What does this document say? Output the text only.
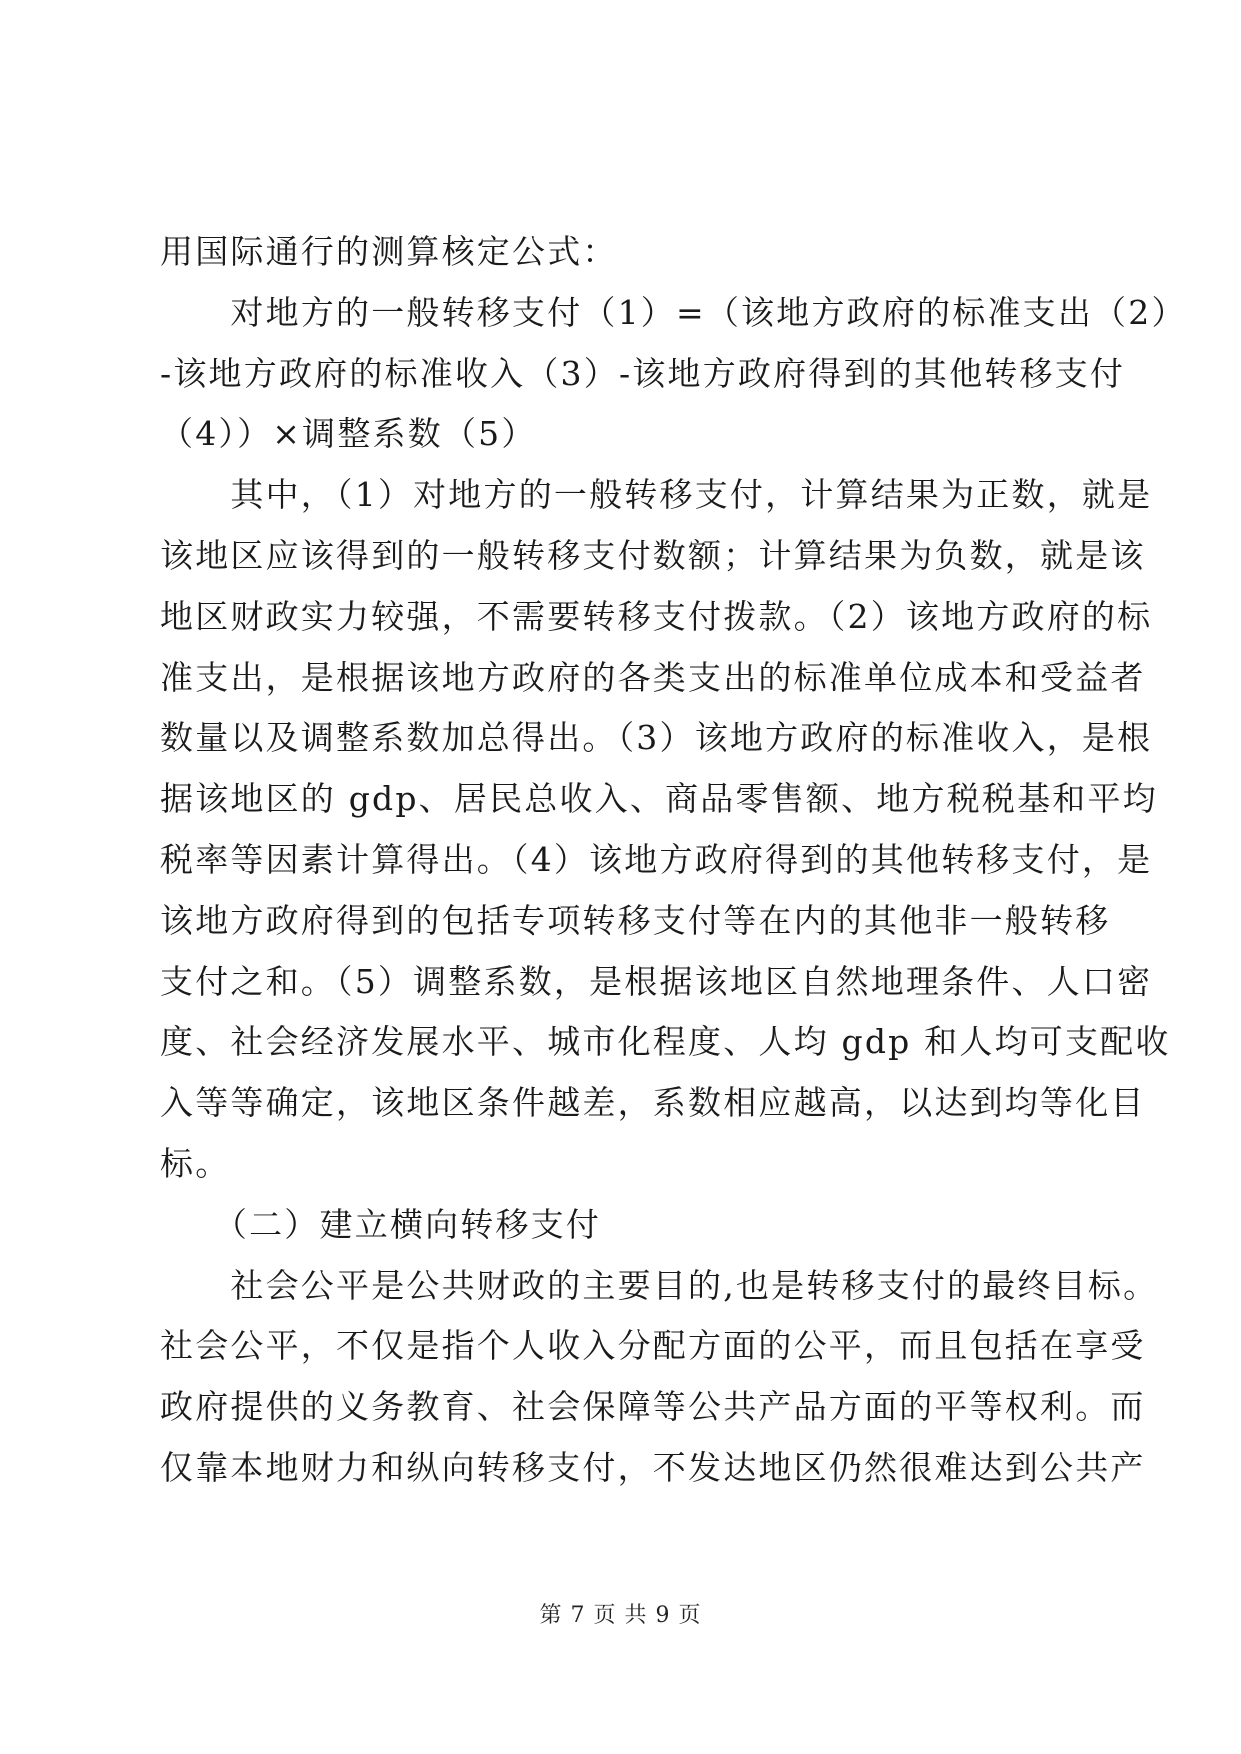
用国际通行的测算核定公式：
　　对地方的一般转移支付（1）=（该地方政府的标准支出（2）
-该地方政府的标准收入（3）-该地方政府得到的其他转移支付
（4））×调整系数（5）
　　其中，（1）对地方的一般转移支付，计算结果为正数，就是
该地区应该得到的一般转移支付数额；计算结果为负数，就是该
地区财政实力较强，不需要转移支付拨款。（2）该地方政府的标
准支出，是根据该地方政府的各类支出的标准单位成本和受益者
数量以及调整系数加总得出。（3）该地方政府的标准收入，是根
据该地区的 gdp、居民总收入、商品零售额、地方税税基和平均
税率等因素计算得出。（4）该地方政府得到的其他转移支付，是
该地方政府得到的包括专项转移支付等在内的其他非一般转移
支付之和。（5）调整系数，是根据该地区自然地理条件、人口密
度、社会经济发展水平、城市化程度、人均 gdp 和人均可支配收
入等等确定，该地区条件越差，系数相应越高，以达到均等化目
标。
　　（二）建立横向转移支付
　　社会公平是公共财政的主要目的,也是转移支付的最终目标。
社会公平，不仅是指个人收入分配方面的公平，而且包括在享受
政府提供的义务教育、社会保障等公共产品方面的平等权利。而
仅靠本地财力和纵向转移支付，不发达地区仍然很难达到公共产
第 7 页 共 9 页
